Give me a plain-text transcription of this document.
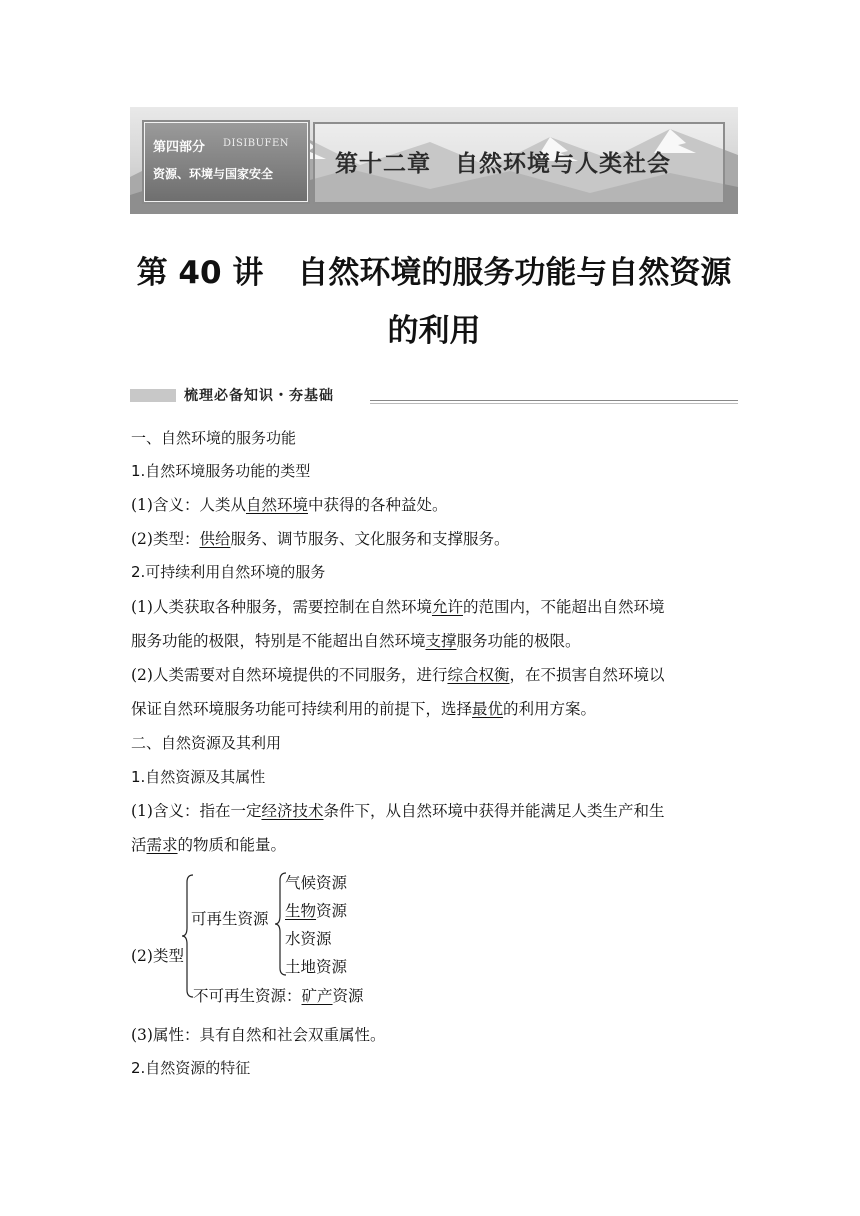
第四部分 DISIBUFEN
资源、环境与国家安全	第十二章　自然环境与人类社会
第 40 讲 自然环境的服务功能与自然资源
的利用
梳理必备知识・夯基础
一、自然环境的服务功能
1.自然环境服务功能的类型
(1)含义：人类从自然环境中获得的各种益处。
(2)类型：供给服务、调节服务、文化服务和支撑服务。
2.可持续利用自然环境的服务
(1)人类获取各种服务，需要控制在自然环境允许的范围内，不能超出自然环境
服务功能的极限，特别是不能超出自然环境支撑服务功能的极限。
(2)人类需要对自然环境提供的不同服务，进行综合权衡，在不损害自然环境以
保证自然环境服务功能可持续利用的前提下，选择最优的利用方案。
二、自然资源及其利用
1.自然资源及其属性
(1)含义：指在一定经济技术条件下，从自然环境中获得并能满足人类生产和生
活需求的物质和能量。
(2)类型
可再生资源
气候资源
生物资源
水资源
土地资源
不可再生资源：矿产资源
(3)属性：具有自然和社会双重属性。
2.自然资源的特征
